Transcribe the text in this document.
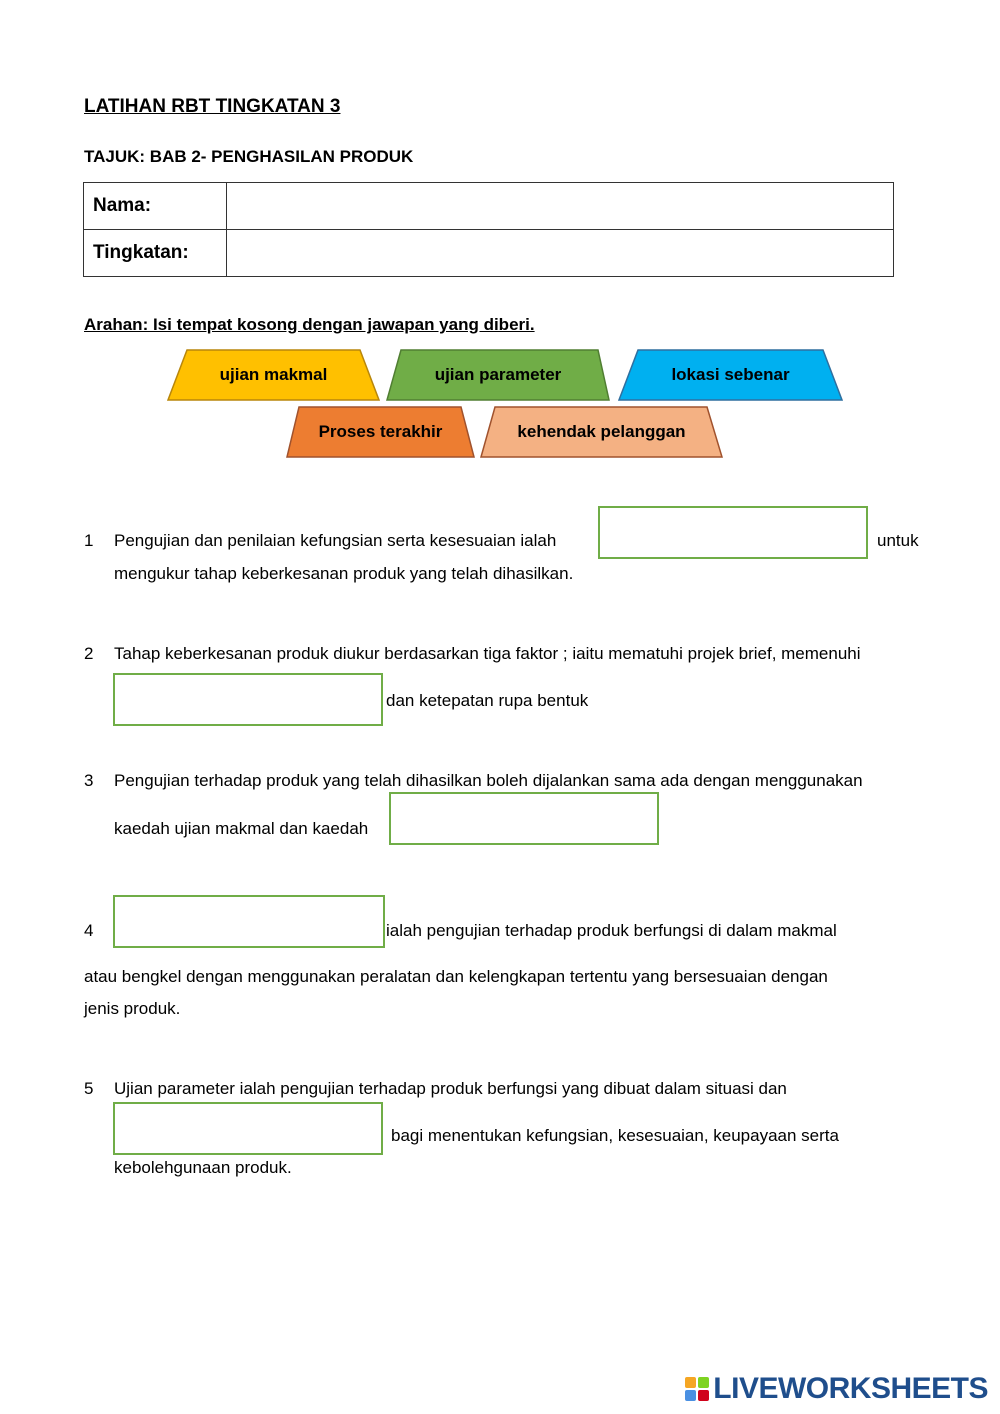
LATIHAN RBT TINGKATAN 3
TAJUK: BAB 2- PENGHASILAN PRODUK
Nama:	
Tingkatan:	
Arahan: Isi tempat kosong dengan jawapan yang diberi.
ujian makmal	ujian parameter	lokasi sebenar
Proses terakhir	kehendak pelanggan
1 Pengujian dan penilaian kefungsian serta kesesuaian ialah	untuk
mengukur tahap keberkesanan produk yang telah dihasilkan.
2 Tahap keberkesanan produk diukur berdasarkan tiga faktor ; iaitu mematuhi projek brief, memenuhi
dan ketepatan rupa bentuk
3 Pengujian terhadap produk yang telah dihasilkan boleh dijalankan sama ada dengan menggunakan
kaedah ujian makmal dan kaedah
4	ialah pengujian terhadap produk berfungsi di dalam makmal
atau bengkel dengan menggunakan peralatan dan kelengkapan tertentu yang bersesuaian dengan
jenis produk.
5 Ujian parameter ialah pengujian terhadap produk berfungsi yang dibuat dalam situasi dan
bagi menentukan kefungsian, kesesuaian, keupayaan serta
kebolehgunaan produk.
LIVEWORKSHEETS
